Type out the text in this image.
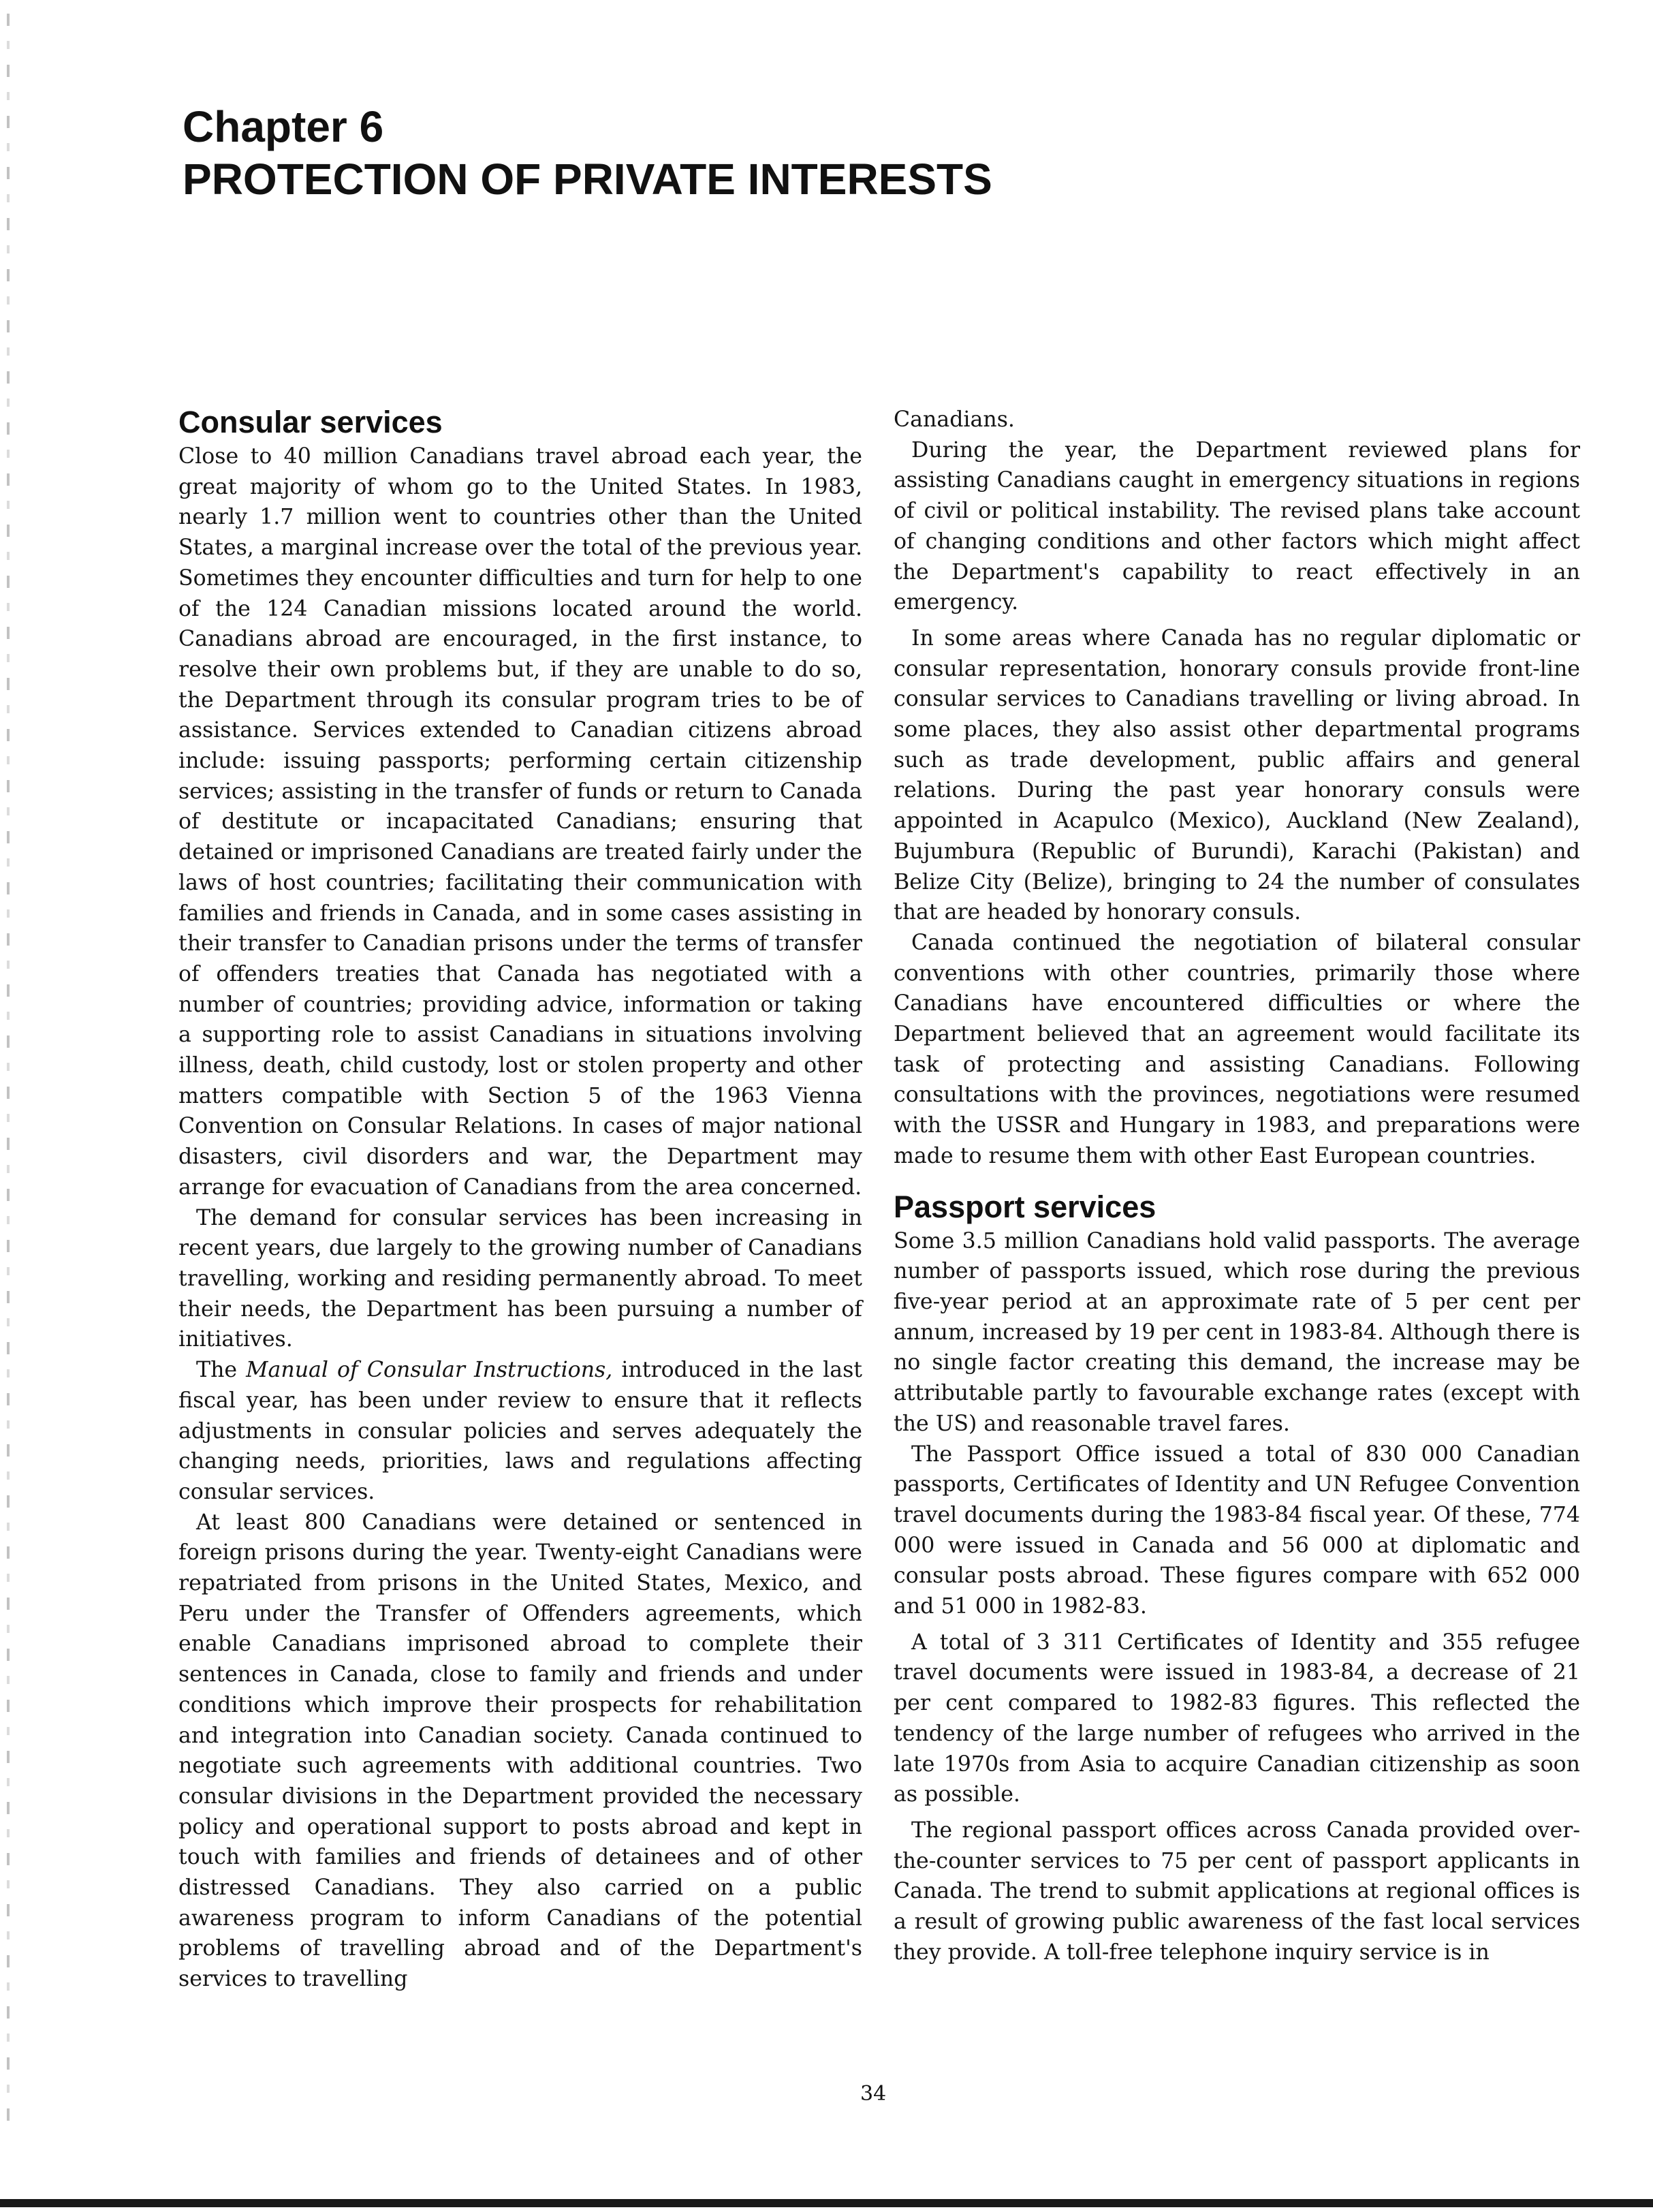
Chapter 6
PROTECTION OF PRIVATE INTERESTS
Consular services

Close to 40 million Canadians travel abroad each year, the great majority of whom go to the United States. In 1983, nearly 1.7 million went to countries other than the United States, a marginal increase over the total of the previous year. Sometimes they encounter difficulties and turn for help to one of the 124 Canadian missions located around the world. Canadians abroad are encouraged, in the first instance, to resolve their own problems but, if they are unable to do so, the Department through its consular program tries to be of assistance. Services extended to Canadian citizens abroad include: issuing passports; performing certain citizenship services; assisting in the transfer of funds or return to Canada of destitute or incapacitated Canadians; ensuring that detained or imprisoned Canadians are treated fairly under the laws of host countries; facilitating their communication with families and friends in Canada, and in some cases assisting in their transfer to Canadian prisons under the terms of transfer of offenders treaties that Canada has negotiated with a number of countries; providing advice, information or taking a supporting role to assist Canadians in situations involving illness, death, child custody, lost or stolen property and other matters compatible with Section 5 of the 1963 Vienna Convention on Consular Relations. In cases of major national disasters, civil disorders and war, the Department may arrange for evacuation of Canadians from the area concerned.

The demand for consular services has been increasing in recent years, due largely to the growing number of Canadians travelling, working and residing permanently abroad. To meet their needs, the Department has been pursuing a number of initiatives.

The Manual of Consular Instructions, introduced in the last fiscal year, has been under review to ensure that it reflects adjustments in consular policies and serves adequately the changing needs, priorities, laws and regulations affecting consular services.

At least 800 Canadians were detained or sentenced in foreign prisons during the year. Twenty-eight Canadians were repatriated from prisons in the United States, Mexico, and Peru under the Transfer of Offenders agreements, which enable Canadians imprisoned abroad to complete their sentences in Canada, close to family and friends and under conditions which improve their prospects for rehabilitation and integration into Canadian society. Canada continued to negotiate such agreements with additional countries. Two consular divisions in the Department provided the necessary policy and operational support to posts abroad and kept in touch with families and friends of detainees and of other distressed Canadians. They also carried on a public awareness program to inform Canadians of the potential problems of travelling abroad and of the Department's services to travelling

Canadians.

During the year, the Department reviewed plans for assisting Canadians caught in emergency situations in regions of civil or political instability. The revised plans take account of changing conditions and other factors which might affect the Department's capability to react effectively in an emergency.

In some areas where Canada has no regular diplomatic or consular representation, honorary consuls provide front-line consular services to Canadians travelling or living abroad. In some places, they also assist other departmental programs such as trade development, public affairs and general relations. During the past year honorary consuls were appointed in Acapulco (Mexico), Auckland (New Zealand), Bujumbura (Republic of Burundi), Karachi (Pakistan) and Belize City (Belize), bringing to 24 the number of consulates that are headed by honorary consuls.

Canada continued the negotiation of bilateral consular conventions with other countries, primarily those where Canadians have encountered difficulties or where the Department believed that an agreement would facilitate its task of protecting and assisting Canadians. Following consultations with the provinces, negotiations were resumed with the USSR and Hungary in 1983, and preparations were made to resume them with other East European countries.

Passport services

Some 3.5 million Canadians hold valid passports. The average number of passports issued, which rose during the previous five-year period at an approximate rate of 5 per cent per annum, increased by 19 per cent in 1983-84. Although there is no single factor creating this demand, the increase may be attributable partly to favourable exchange rates (except with the US) and reasonable travel fares.

The Passport Office issued a total of 830 000 Canadian passports, Certificates of Identity and UN Refugee Convention travel documents during the 1983-84 fiscal year. Of these, 774 000 were issued in Canada and 56 000 at diplomatic and consular posts abroad. These figures compare with 652 000 and 51 000 in 1982-83.

A total of 3 311 Certificates of Identity and 355 refugee travel documents were issued in 1983-84, a decrease of 21 per cent compared to 1982-83 figures. This reflected the tendency of the large number of refugees who arrived in the late 1970s from Asia to acquire Canadian citizenship as soon as possible.

The regional passport offices across Canada provided over-the-counter services to 75 per cent of passport applicants in Canada. The trend to submit applications at regional offices is a result of growing public awareness of the fast local services they provide. A toll-free telephone inquiry service is in

34
